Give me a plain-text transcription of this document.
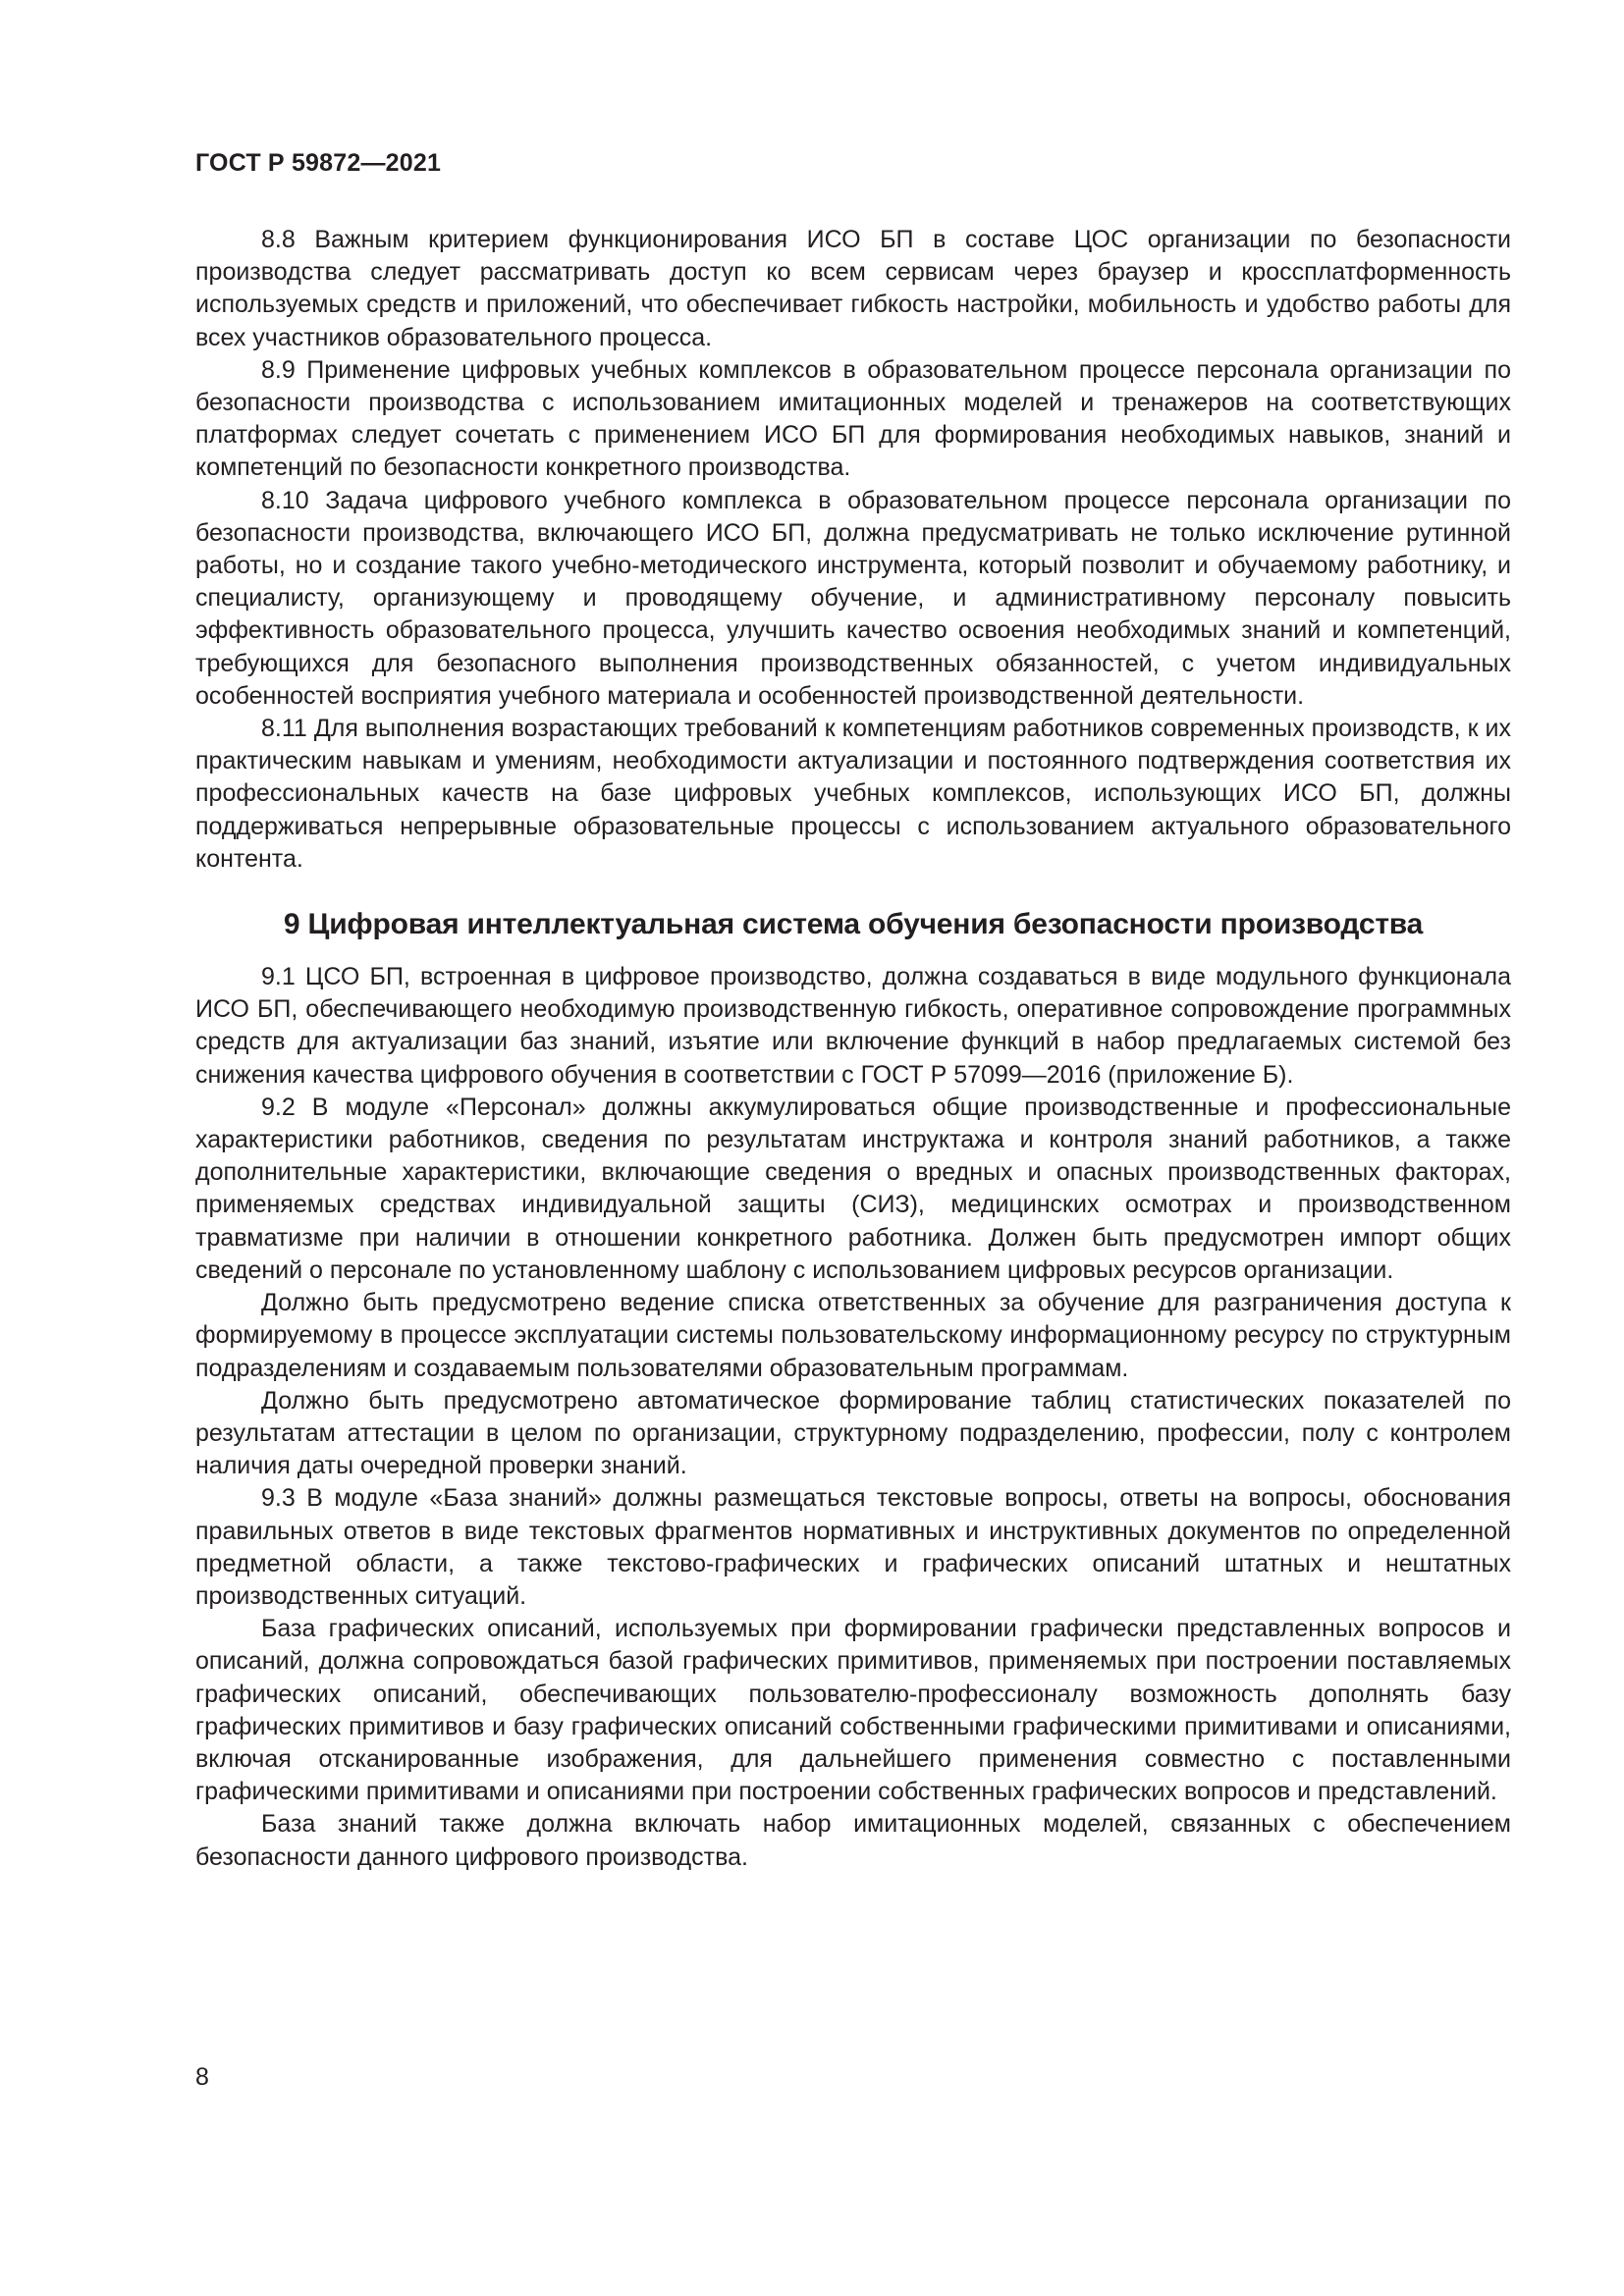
ГОСТ Р 59872—2021

8.8 Важным критерием функционирования ИСО БП в составе ЦОС организации по безопасности производства следует рассматривать доступ ко всем сервисам через браузер и кроссплатформенность используемых средств и приложений, что обеспечивает гибкость настройки, мобильность и удобство работы для всех участников образовательного процесса.

8.9 Применение цифровых учебных комплексов в образовательном процессе персонала организации по безопасности производства с использованием имитационных моделей и тренажеров на соответствующих платформах следует сочетать с применением ИСО БП для формирования необходимых навыков, знаний и компетенций по безопасности конкретного производства.

8.10 Задача цифрового учебного комплекса в образовательном процессе персонала организации по безопасности производства, включающего ИСО БП, должна предусматривать не только исключение рутинной работы, но и создание такого учебно-методического инструмента, который позволит и обучаемому работнику, и специалисту, организующему и проводящему обучение, и административному персоналу повысить эффективность образовательного процесса, улучшить качество освоения необходимых знаний и компетенций, требующихся для безопасного выполнения производственных обязанностей, с учетом индивидуальных особенностей восприятия учебного материала и особенностей производственной деятельности.

8.11 Для выполнения возрастающих требований к компетенциям работников современных производств, к их практическим навыкам и умениям, необходимости актуализации и постоянного подтверждения соответствия их профессиональных качеств на базе цифровых учебных комплексов, использующих ИСО БП, должны поддерживаться непрерывные образовательные процессы с использованием актуального образовательного контента.

9 Цифровая интеллектуальная система обучения безопасности производства

9.1 ЦСО БП, встроенная в цифровое производство, должна создаваться в виде модульного функционала ИСО БП, обеспечивающего необходимую производственную гибкость, оперативное сопровождение программных средств для актуализации баз знаний, изъятие или включение функций в набор предлагаемых системой без снижения качества цифрового обучения в соответствии с ГОСТ Р 57099—2016 (приложение Б).

9.2 В модуле «Персонал» должны аккумулироваться общие производственные и профессиональные характеристики работников, сведения по результатам инструктажа и контроля знаний работников, а также дополнительные характеристики, включающие сведения о вредных и опасных производственных факторах, применяемых средствах индивидуальной защиты (СИЗ), медицинских осмотрах и производственном травматизме при наличии в отношении конкретного работника. Должен быть предусмотрен импорт общих сведений о персонале по установленному шаблону с использованием цифровых ресурсов организации.

Должно быть предусмотрено ведение списка ответственных за обучение для разграничения доступа к формируемому в процессе эксплуатации системы пользовательскому информационному ресурсу по структурным подразделениям и создаваемым пользователями образовательным программам.

Должно быть предусмотрено автоматическое формирование таблиц статистических показателей по результатам аттестации в целом по организации, структурному подразделению, профессии, полу с контролем наличия даты очередной проверки знаний.

9.3 В модуле «База знаний» должны размещаться текстовые вопросы, ответы на вопросы, обоснования правильных ответов в виде текстовых фрагментов нормативных и инструктивных документов по определенной предметной области, а также текстово-графических и графических описаний штатных и нештатных производственных ситуаций.

База графических описаний, используемых при формировании графически представленных вопросов и описаний, должна сопровождаться базой графических примитивов, применяемых при построении поставляемых графических описаний, обеспечивающих пользователю-профессионалу возможность дополнять базу графических примитивов и базу графических описаний собственными графическими примитивами и описаниями, включая отсканированные изображения, для дальнейшего применения совместно с поставленными графическими примитивами и описаниями при построении собственных графических вопросов и представлений.

База знаний также должна включать набор имитационных моделей, связанных с обеспечением безопасности данного цифрового производства.

8
